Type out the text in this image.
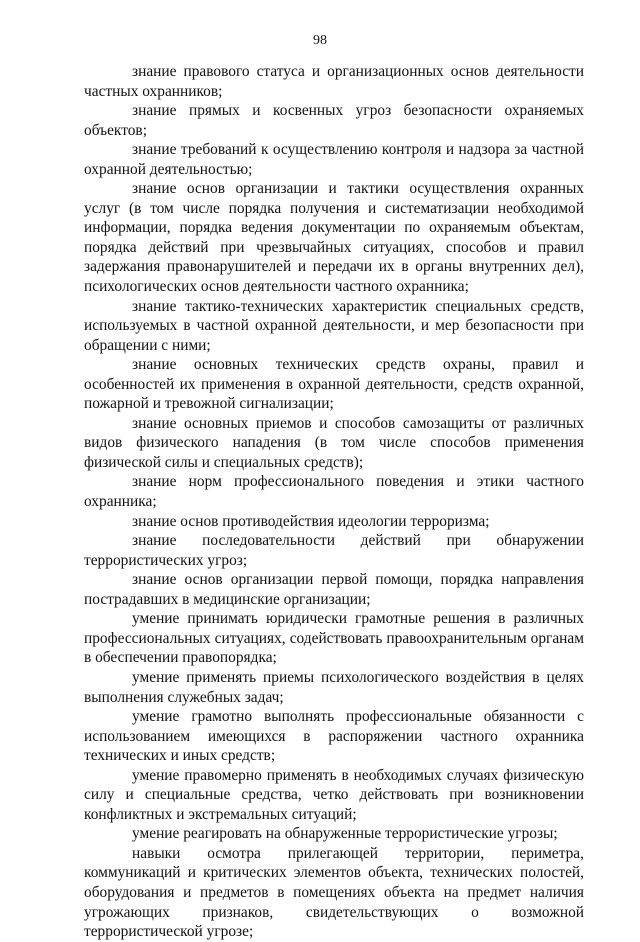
98

знание правового статуса и организационных основ деятельности частных охранников;

знание прямых и косвенных угроз безопасности охраняемых объектов;

знание требований к осуществлению контроля и надзора за частной охранной деятельностью;

знание основ организации и тактики осуществления охранных услуг (в том числе порядка получения и систематизации необходимой информации, порядка ведения документации по охраняемым объектам, порядка действий при чрезвычайных ситуациях, способов и правил задержания правонарушителей и передачи их в органы внутренних дел), психологических основ деятельности частного охранника;

знание тактико-технических характеристик специальных средств, используемых в частной охранной деятельности, и мер безопасности при обращении с ними;

знание основных технических средств охраны, правил и особенностей их применения в охранной деятельности, средств охранной, пожарной и тревожной сигнализации;

знание основных приемов и способов самозащиты от различных видов физического нападения (в том числе способов применения физической силы и специальных средств);

знание норм профессионального поведения и этики частного охранника;

знание основ противодействия идеологии терроризма;

знание последовательности действий при обнаружении террористических угроз;

знание основ организации первой помощи, порядка направления пострадавших в медицинские организации;

умение принимать юридически грамотные решения в различных профессиональных ситуациях, содействовать правоохранительным органам в обеспечении правопорядка;

умение применять приемы психологического воздействия в целях выполнения служебных задач;

умение грамотно выполнять профессиональные обязанности с использованием имеющихся в распоряжении частного охранника технических и иных средств;

умение правомерно применять в необходимых случаях физическую силу и специальные средства, четко действовать при возникновении конфликтных и экстремальных ситуаций;

умение реагировать на обнаруженные террористические угрозы;

навыки осмотра прилегающей территории, периметра, коммуникаций и критических элементов объекта, технических полостей, оборудования и предметов в помещениях объекта на предмет наличия угрожающих признаков, свидетельствующих о возможной террористической угрозе;
